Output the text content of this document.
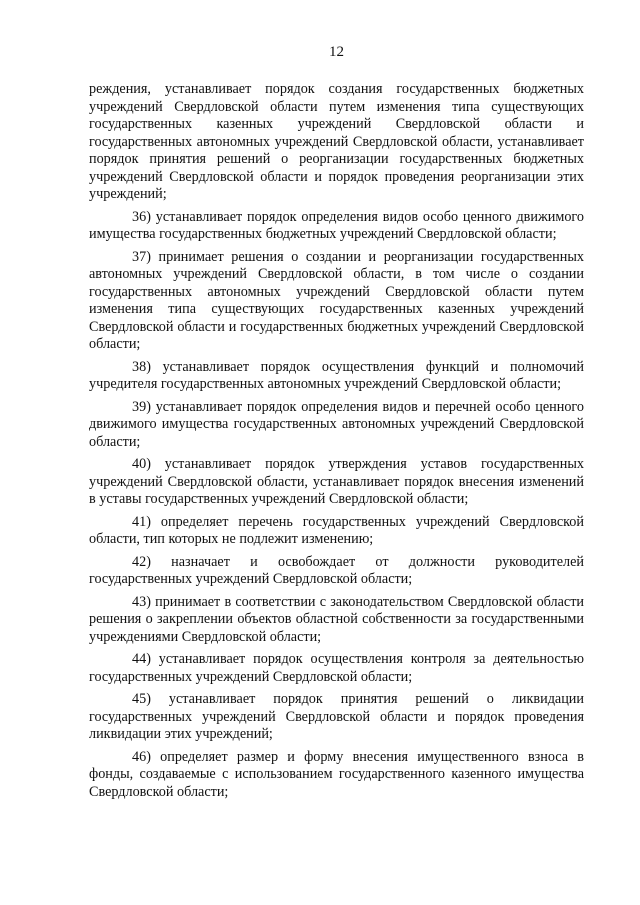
12

реждения, устанавливает порядок создания государственных бюджетных учреждений Свердловской области путем изменения типа существующих государственных казенных учреждений Свердловской области и государственных автономных учреждений Свердловской области, устанавливает порядок принятия решений о реорганизации государственных бюджетных учреждений Свердловской области и порядок проведения реорганизации этих учреждений;

36) устанавливает порядок определения видов особо ценного движимого имущества государственных бюджетных учреждений Свердловской области;

37) принимает решения о создании и реорганизации государственных автономных учреждений Свердловской области, в том числе о создании государственных автономных учреждений Свердловской области путем изменения типа существующих государственных казенных учреждений Свердловской области и государственных бюджетных учреждений Свердловской области;

38) устанавливает порядок осуществления функций и полномочий учредителя государственных автономных учреждений Свердловской области;

39) устанавливает порядок определения видов и перечней особо ценного движимого имущества государственных автономных учреждений Свердловской области;

40) устанавливает порядок утверждения уставов государственных учреждений Свердловской области, устанавливает порядок внесения изменений в уставы государственных учреждений Свердловской области;

41) определяет перечень государственных учреждений Свердловской области, тип которых не подлежит изменению;

42) назначает и освобождает от должности руководителей государственных учреждений Свердловской области;

43) принимает в соответствии с законодательством Свердловской области решения о закреплении объектов областной собственности за государственными учреждениями Свердловской области;

44) устанавливает порядок осуществления контроля за деятельностью государственных учреждений Свердловской области;

45) устанавливает порядок принятия решений о ликвидации государственных учреждений Свердловской области и порядок проведения ликвидации этих учреждений;

46) определяет размер и форму внесения имущественного взноса в фонды, создаваемые с использованием государственного казенного имущества Свердловской области;
